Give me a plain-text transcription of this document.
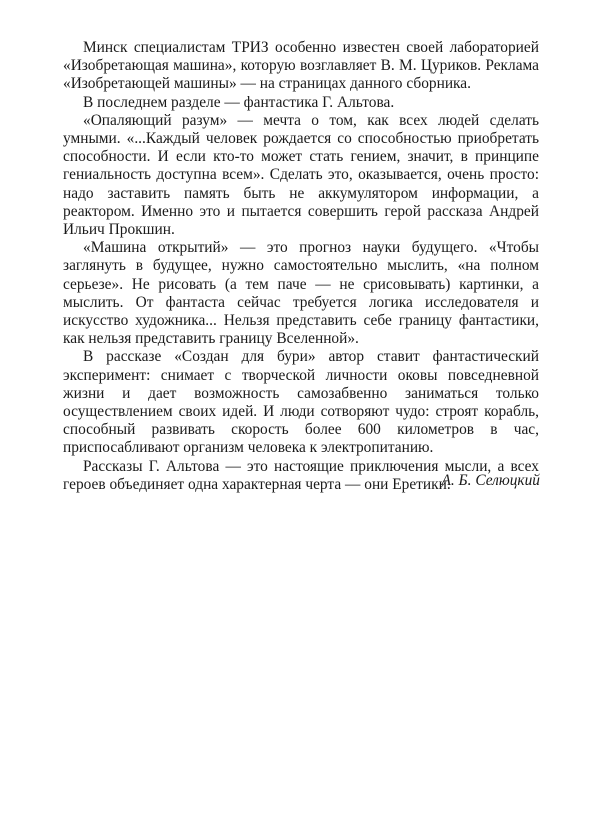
Минск специалистам ТРИЗ особенно известен своей лабораторией «Изобретающая машина», которую возглавляет В. М. Цуриков. Реклама «Изобретающей машины» — на страницах данного сборника.

В последнем разделе — фантастика Г. Альтова.

«Опаляющий разум» — мечта о том, как всех людей сделать умными. «...Каждый человек рождается со способностью приобретать способности. И если кто-то может стать гением, значит, в принципе гениальность доступна всем». Сделать это, оказывается, очень просто: надо заставить память быть не аккумулятором информации, а реактором. Именно это и пытается совершить герой рассказа Андрей Ильич Прокшин.

«Машина открытий» — это прогноз науки будущего. «Чтобы заглянуть в будущее, нужно самостоятельно мыслить, «на полном серьезе». Не рисовать (а тем паче — не срисовывать) картинки, а мыслить. От фантаста сейчас требуется логика исследователя и искусство художника... Нельзя представить себе границу фантастики, как нельзя представить границу Вселенной».

В рассказе «Создан для бури» автор ставит фантастический эксперимент: снимает с творческой личности оковы повседневной жизни и дает возможность самозабвенно заниматься только осуществлением своих идей. И люди сотворяют чудо: строят корабль, способный развивать скорость более 600 километров в час, приспосабливают организм человека к электропитанию.

Рассказы Г. Альтова — это настоящие приключения мысли, а всех героев объединяет одна характерная черта — они Еретики.

А. Б. Селюцкий
